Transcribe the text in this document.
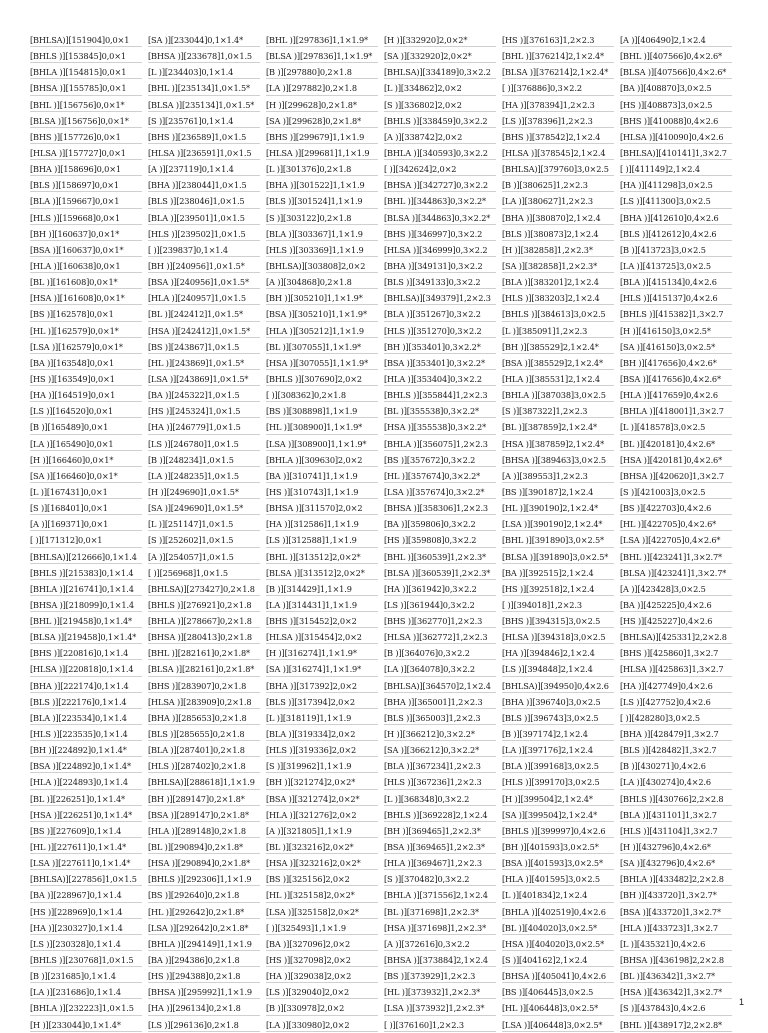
[BHLSA)][151904]0,0×1
[BHLS )][153845]0,0×1
[BHLA )][154815]0,0×1
[BHSA )][155785]0,0×1
[BHL )][156756]0,0×1*
[BLSA )][156756]0,0×1*
[BHS )][157726]0,0×1
[HLSA )][157727]0,0×1
[BHA )][158696]0,0×1
[BLS )][158697]0,0×1
[BLA )][159667]0,0×1
[HLS )][159668]0,0×1
[BH )][160637]0,0×1*
[BSA )][160637]0,0×1*
[HLA )][160638]0,0×1
[BL )][161608]0,0×1*
[HSA )][161608]0,0×1*
[BS )][162578]0,0×1
[HL )][162579]0,0×1*
[LSA )][162579]0,0×1*
[BA )][163548]0,0×1
[HS )][163549]0,0×1
[HA )][164519]0,0×1
[LS )][164520]0,0×1
[B )][165489]0,0×1
[LA )][165490]0,0×1
[H )][166460]0,0×1*
[SA )][166460]0,0×1*
[L )][167431]0,0×1
[S )][168401]0,0×1
[A )][169371]0,0×1
[ )][171312]0,0×1
[BHLSA)][212666]0,1×1.4
[BHLS )][215383]0,1×1.4
[BHLA )][216741]0,1×1.4
[BHSA )][218099]0,1×1.4
[BHL )][219458]0,1×1.4*
[BLSA )][219458]0,1×1.4*
[BHS )][220816]0,1×1.4
[HLSA )][220818]0,1×1.4
[BHA )][222174]0,1×1.4
[BLS )][222176]0,1×1.4
[BLA )][223534]0,1×1.4
[HLS )][223535]0,1×1.4
[BH )][224892]0,1×1.4*
[BSA )][224892]0,1×1.4*
[HLA )][224893]0,1×1.4
[BL )][226251]0,1×1.4*
[HSA )][226251]0,1×1.4*
[BS )][227609]0,1×1.4
[HL )][227611]0,1×1.4*
[LSA )][227611]0,1×1.4*
[BHLSA)][227856]1,0×1.5
[BA )][228967]0,1×1.4
[HS )][228969]0,1×1.4
[HA )][230327]0,1×1.4
[LS )][230328]0,1×1.4
[BHLS )][230768]1,0×1.5
[B )][231685]0,1×1.4
[LA )][231686]0,1×1.4
[BHLA )][232223]1,0×1.5
[H )][233044]0,1×1.4*
[SA )][233044]0,1×1.4*
[BHSA )][233678]1,0×1.5
[L )][234403]0,1×1.4
[BHL )][235134]1,0×1.5*
[BLSA )][235134]1,0×1.5*
[S )][235761]0,1×1.4
[BHS )][236589]1,0×1.5
[HLSA )][236591]1,0×1.5
[A )][237119]0,1×1.4
[BHA )][238044]1,0×1.5
[BLS )][238046]1,0×1.5
[BLA )][239501]1,0×1.5
[HLS )][239502]1,0×1.5
[ )][239837]0,1×1.4
[BH )][240956]1,0×1.5*
[BSA )][240956]1,0×1.5*
[HLA )][240957]1,0×1.5
[BL )][242412]1,0×1.5*
[HSA )][242412]1,0×1.5*
[BS )][243867]1,0×1.5
[HL )][243869]1,0×1.5*
[LSA )][243869]1,0×1.5*
[BA )][245322]1,0×1.5
[HS )][245324]1,0×1.5
[HA )][246779]1,0×1.5
[LS )][246780]1,0×1.5
[B )][248234]1,0×1.5
[LA )][248235]1,0×1.5
[H )][249690]1,0×1.5*
[SA )][249690]1,0×1.5*
[L )][251147]1,0×1.5
[S )][252602]1,0×1.5
[A )][254057]1,0×1.5
[ )][256968]1,0×1.5
[BHLSA)][273427]0,2×1.8
[BHLS )][276921]0,2×1.8
[BHLA )][278667]0,2×1.8
[BHSA )][280413]0,2×1.8
[BHL )][282161]0,2×1.8*
[BLSA )][282161]0,2×1.8*
[BHS )][283907]0,2×1.8
[HLSA )][283909]0,2×1.8
[BHA )][285653]0,2×1.8
[BLS )][285655]0,2×1.8
[BLA )][287401]0,2×1.8
[HLS )][287402]0,2×1.8
[BHLSA)][288618]1,1×1.9
[BH )][289147]0,2×1.8*
[BSA )][289147]0,2×1.8*
[HLA )][289148]0,2×1.8
[BL )][290894]0,2×1.8*
[HSA )][290894]0,2×1.8*
[BHLS )][292306]1,1×1.9
[BS )][292640]0,2×1.8
[HL )][292642]0,2×1.8*
[LSA )][292642]0,2×1.8*
[BHLA )][294149]1,1×1.9
[BA )][294386]0,2×1.8
[HS )][294388]0,2×1.8
[BHSA )][295992]1,1×1.9
[HA )][296134]0,2×1.8
[LS )][296136]0,2×1.8
[BHL )][297836]1,1×1.9*
[BLSA )][297836]1,1×1.9*
[B )][297880]0,2×1.8
[LA )][297882]0,2×1.8
[H )][299628]0,2×1.8*
[SA )][299628]0,2×1.8*
[BHS )][299679]1,1×1.9
[HLSA )][299681]1,1×1.9
[L )][301376]0,2×1.8
[BHA )][301522]1,1×1.9
[BLS )][301524]1,1×1.9
[S )][303122]0,2×1.8
[BLA )][303367]1,1×1.9
[HLS )][303369]1,1×1.9
[BHLSA)][303808]2,0×2
[A )][304868]0,2×1.8
[BH )][305210]1,1×1.9*
[BSA )][305210]1,1×1.9*
[HLA )][305212]1,1×1.9
[BL )][307055]1,1×1.9*
[HSA )][307055]1,1×1.9*
[BHLS )][307690]2,0×2
[ )][308362]0,2×1.8
[BS )][308898]1,1×1.9
[HL )][308900]1,1×1.9*
[LSA )][308900]1,1×1.9*
[BHLA )][309630]2,0×2
[BA )][310741]1,1×1.9
[HS )][310743]1,1×1.9
[BHSA )][311570]2,0×2
[HA )][312586]1,1×1.9
[LS )][312588]1,1×1.9
[BHL )][313512]2,0×2*
[BLSA )][313512]2,0×2*
[B )][314429]1,1×1.9
[LA )][314431]1,1×1.9
[BHS )][315452]2,0×2
[HLSA )][315454]2,0×2
[H )][316274]1,1×1.9*
[SA )][316274]1,1×1.9*
[BHA )][317392]2,0×2
[BLS )][317394]2,0×2
[L )][318119]1,1×1.9
[BLA )][319334]2,0×2
[HLS )][319336]2,0×2
[S )][319962]1,1×1.9
[BH )][321274]2,0×2*
[BSA )][321274]2,0×2*
[HLA )][321276]2,0×2
[A )][321805]1,1×1.9
[BL )][323216]2,0×2*
[HSA )][323216]2,0×2*
[BS )][325156]2,0×2
[HL )][325158]2,0×2*
[LSA )][325158]2,0×2*
[ )][325493]1,1×1.9
[BA )][327096]2,0×2
[HS )][327098]2,0×2
[HA )][329038]2,0×2
[LS )][329040]2,0×2
[B )][330978]2,0×2
[LA )][330980]2,0×2
[H )][332920]2,0×2*
[SA )][332920]2,0×2*
[BHLSA)][334189]0,3×2.2
[L )][334862]2,0×2
[S )][336802]2,0×2
[BHLS )][338459]0,3×2.2
[A )][338742]2,0×2
[BHLA )][340593]0,3×2.2
[ )][342624]2,0×2
[BHSA )][342727]0,3×2.2
[BHL )][344863]0,3×2.2*
[BLSA )][344863]0,3×2.2*
[BHS )][346997]0,3×2.2
[HLSA )][346999]0,3×2.2
[BHA )][349131]0,3×2.2
[BLS )][349133]0,3×2.2
[BHLSA)][349379]1,2×2.3
[BLA )][351267]0,3×2.2
[HLS )][351270]0,3×2.2
[BH )][353401]0,3×2.2*
[BSA )][353401]0,3×2.2*
[HLA )][353404]0,3×2.2
[BHLS )][355844]1,2×2.3
[BL )][355538]0,3×2.2*
[HSA )][355538]0,3×2.2*
[BHLA )][356075]1,2×2.3
[BS )][357672]0,3×2.2
[HL )][357674]0,3×2.2*
[LSA )][357674]0,3×2.2*
[BHSA )][358306]1,2×2.3
[BA )][359806]0,3×2.2
[HS )][359808]0,3×2.2
[BHL )][360539]1,2×2.3*
[BLSA )][360539]1,2×2.3*
[HA )][361942]0,3×2.2
[LS )][361944]0,3×2.2
[BHS )][362770]1,2×2.3
[HLSA )][362772]1,2×2.3
[B )][364076]0,3×2.2
[LA )][364078]0,3×2.2
[BHLSA)][364570]2,1×2.4
[BHA )][365001]1,2×2.3
[BLS )][365003]1,2×2.3
[H )][366212]0,3×2.2*
[SA )][366212]0,3×2.2*
[BLA )][367234]1,2×2.3
[HLS )][367236]1,2×2.3
[L )][368348]0,3×2.2
[BHLS )][369228]2,1×2.4
[BH )][369465]1,2×2.3*
[BSA )][369465]1,2×2.3*
[HLA )][369467]1,2×2.3
[S )][370482]0,3×2.2
[BHLA )][371556]2,1×2.4
[BL )][371698]1,2×2.3*
[HSA )][371698]1,2×2.3*
[A )][372616]0,3×2.2
[BHSA )][373884]2,1×2.4
[BS )][373929]1,2×2.3
[HL )][373932]1,2×2.3*
[LSA )][373932]1,2×2.3*
[ )][376160]1,2×2.3
[HS )][376163]1,2×2.3
[BHL )][376214]2,1×2.4*
[BLSA )][376214]2,1×2.4*
[ )][376886]0,3×2.2
[HA )][378394]1,2×2.3
[LS )][378396]1,2×2.3
[BHS )][378542]2,1×2.4
[HLSA )][378545]2,1×2.4
[BHLSA)][379760]3,0×2.5
[B )][380625]1,2×2.3
[LA )][380627]1,2×2.3
[BHA )][380870]2,1×2.4
[BLS )][380873]2,1×2.4
[H )][382858]1,2×2.3*
[SA )][382858]1,2×2.3*
[BLA )][383201]2,1×2.4
[HLS )][383203]2,1×2.4
[BHLS )][384613]3,0×2.5
[L )][385091]1,2×2.3
[BH )][385529]2,1×2.4*
[BSA )][385529]2,1×2.4*
[HLA )][385531]2,1×2.4
[BHLA )][387038]3,0×2.5
[S )][387322]1,2×2.3
[BL )][387859]2,1×2.4*
[HSA )][387859]2,1×2.4*
[BHSA )][389463]3,0×2.5
[A )][389553]1,2×2.3
[BS )][390187]2,1×2.4
[HL )][390190]2,1×2.4*
[LSA )][390190]2,1×2.4*
[BHL )][391890]3,0×2.5*
[BLSA )][391890]3,0×2.5*
[BA )][392515]2,1×2.4
[HS )][392518]2,1×2.4
[ )][394018]1,2×2.3
[BHS )][394315]3,0×2.5
[HLSA )][394318]3,0×2.5
[HA )][394846]2,1×2.4
[LS )][394848]2,1×2.4
[BHLSA)][394950]0,4×2.6
[BHA )][396740]3,0×2.5
[BLS )][396743]3,0×2.5
[B )][397174]2,1×2.4
[LA )][397176]2,1×2.4
[BLA )][399168]3,0×2.5
[HLS )][399170]3,0×2.5
[H )][399504]2,1×2.4*
[SA )][399504]2,1×2.4*
[BHLS )][399997]0,4×2.6
[BH )][401593]3,0×2.5*
[BSA )][401593]3,0×2.5*
[HLA )][401595]3,0×2.5
[L )][401834]2,1×2.4
[BHLA )][402519]0,4×2.6
[BL )][404020]3,0×2.5*
[HSA )][404020]3,0×2.5*
[S )][404162]2,1×2.4
[BHSA )][405041]0,4×2.6
[BS )][406445]3,0×2.5
[HL )][406448]3,0×2.5*
[LSA )][406448]3,0×2.5*
[A )][406490]2,1×2.4
[BHL )][407566]0,4×2.6*
[BLSA )][407566]0,4×2.6*
[BA )][408870]3,0×2.5
[HS )][408873]3,0×2.5
[BHS )][410088]0,4×2.6
[HLSA )][410090]0,4×2.6
[BHLSA)][410141]1,3×2.7
[ )][411149]2,1×2.4
[HA )][411298]3,0×2.5
[LS )][411300]3,0×2.5
[BHA )][412610]0,4×2.6
[BLS )][412612]0,4×2.6
[B )][413723]3,0×2.5
[LA )][413725]3,0×2.5
[BLA )][415134]0,4×2.6
[HLS )][415137]0,4×2.6
[BHLS )][415382]1,3×2.7
[H )][416150]3,0×2.5*
[SA )][416150]3,0×2.5*
[BH )][417656]0,4×2.6*
[BSA )][417656]0,4×2.6*
[HLA )][417659]0,4×2.6
[BHLA )][418001]1,3×2.7
[L )][418578]3,0×2.5
[BL )][420181]0,4×2.6*
[HSA )][420181]0,4×2.6*
[BHSA )][420620]1,3×2.7
[S )][421003]3,0×2.5
[BS )][422703]0,4×2.6
[HL )][422705]0,4×2.6*
[LSA )][422705]0,4×2.6*
[BHL )][423241]1,3×2.7*
[BLSA )][423241]1,3×2.7*
[A )][423428]3,0×2.5
[BA )][425225]0,4×2.6
[HS )][425227]0,4×2.6
[BHLSA)][425331]2,2×2.8
[BHS )][425860]1,3×2.7
[HLSA )][425863]1,3×2.7
[HA )][427749]0,4×2.6
[LS )][427752]0,4×2.6
[ )][428280]3,0×2.5
[BHA )][428479]1,3×2.7
[BLS )][428482]1,3×2.7
[B )][430271]0,4×2.6
[LA )][430274]0,4×2.6
[BHLS )][430766]2,2×2.8
[BLA )][431101]1,3×2.7
[HLS )][431104]1,3×2.7
[H )][432796]0,4×2.6*
[SA )][432796]0,4×2.6*
[BHLA )][433482]2,2×2.8
[BH )][433720]1,3×2.7*
[BSA )][433720]1,3×2.7*
[HLA )][433723]1,3×2.7
[L )][435321]0,4×2.6
[BHSA )][436198]2,2×2.8
[BL )][436342]1,3×2.7*
[HSA )][436342]1,3×2.7*
[S )][437843]0,4×2.6
[BHL )][438917]2,2×2.8*
1
